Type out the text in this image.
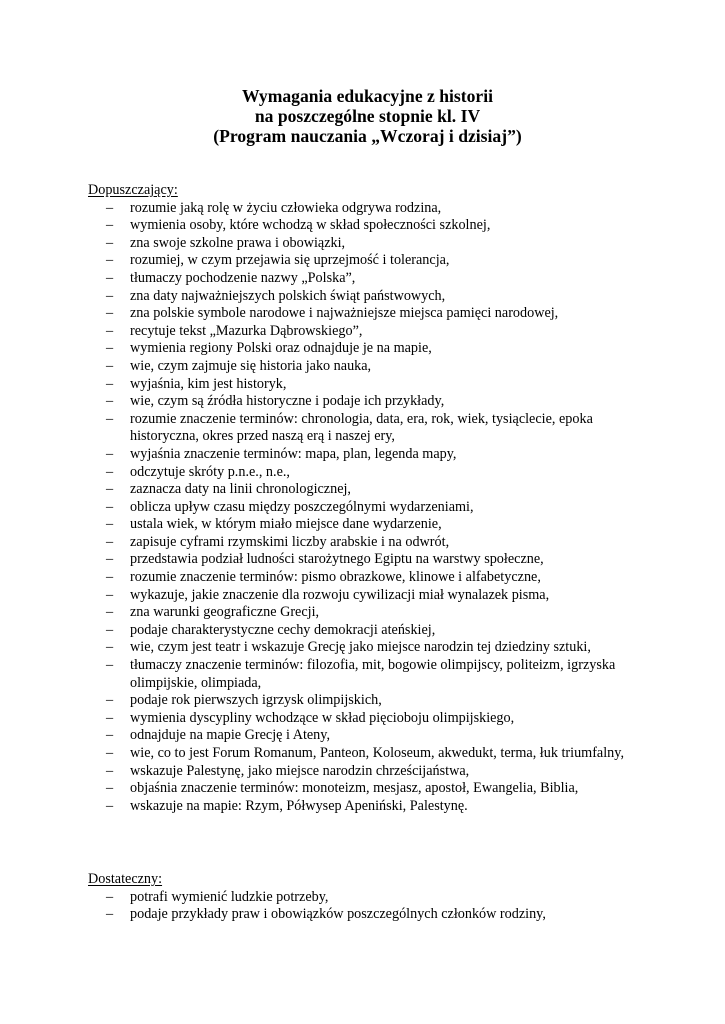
Wymagania edukacyjne z historii
na poszczególne stopnie kl. IV
(Program nauczania „Wczoraj i dzisiaj”)

Dopuszczający:

– rozumie jaką rolę w życiu człowieka odgrywa rodzina,
– wymienia osoby, które wchodzą w skład społeczności szkolnej,
– zna swoje szkolne prawa i obowiązki,
– rozumiej, w czym przejawia się uprzejmość i tolerancja,
– tłumaczy pochodzenie nazwy „Polska”,
– zna daty najważniejszych polskich świąt państwowych,
– zna polskie symbole narodowe i najważniejsze miejsca pamięci narodowej,
– recytuje tekst „Mazurka Dąbrowskiego”,
– wymienia regiony Polski oraz odnajduje je na mapie,
– wie, czym zajmuje się historia jako nauka,
– wyjaśnia, kim jest historyk,
– wie, czym są źródła historyczne i podaje ich przykłady,
– rozumie znaczenie terminów: chronologia, data, era, rok, wiek, tysiąclecie, epoka historyczna, okres przed naszą erą i naszej ery,
– wyjaśnia znaczenie terminów: mapa, plan, legenda mapy,
– odczytuje skróty p.n.e., n.e.,
– zaznacza daty na linii chronologicznej,
– oblicza upływ czasu między poszczególnymi wydarzeniami,
– ustala wiek, w którym miało miejsce dane wydarzenie,
– zapisuje cyframi rzymskimi liczby arabskie i na odwrót,
– przedstawia podział ludności starożytnego Egiptu na warstwy społeczne,
– rozumie znaczenie terminów: pismo obrazkowe, klinowe i alfabetyczne,
– wykazuje, jakie znaczenie dla rozwoju cywilizacji miał wynalazek pisma,
– zna warunki geograficzne Grecji,
– podaje charakterystyczne cechy demokracji ateńskiej,
– wie, czym jest teatr i wskazuje Grecję jako miejsce narodzin tej dziedziny sztuki,
– tłumaczy znaczenie terminów: filozofia, mit, bogowie olimpijscy, politeizm, igrzyska olimpijskie, olimpiada,
– podaje rok pierwszych igrzysk olimpijskich,
– wymienia dyscypliny wchodzące w skład pięcioboju olimpijskiego,
– odnajduje na mapie Grecję i Ateny,
– wie, co to jest Forum Romanum, Panteon, Koloseum, akwedukt, terma, łuk triumfalny,
– wskazuje Palestynę, jako miejsce narodzin chrześcijaństwa,
– objaśnia znaczenie terminów: monoteizm, mesjasz, apostoł, Ewangelia, Biblia,
– wskazuje na mapie: Rzym, Półwysep Apeniński, Palestynę.

Dostateczny:

– potrafi wymienić ludzkie potrzeby,
– podaje przykłady praw i obowiązków poszczególnych członków rodziny,
